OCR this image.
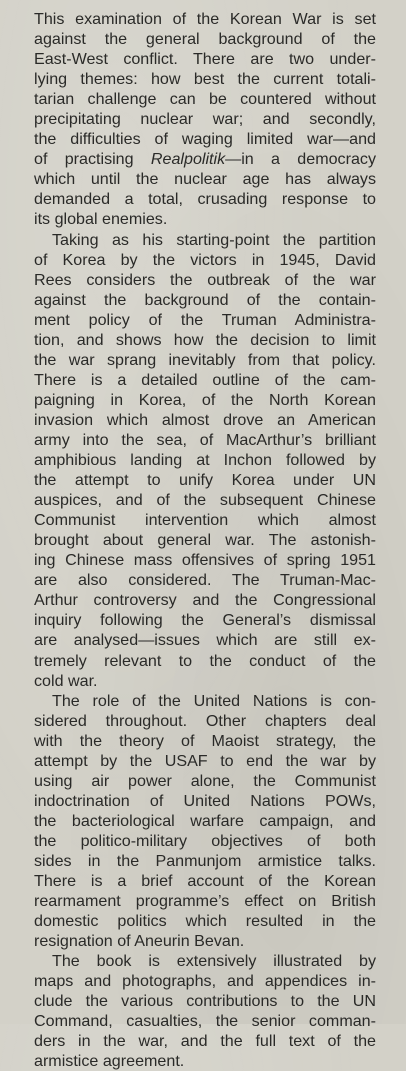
This examination of the Korean War is set
against the general background of the
East-West conflict. There are two under-
lying themes: how best the current totali-
tarian challenge can be countered without
precipitating nuclear war; and secondly,
the difficulties of waging limited war—and
of practising Realpolitik—in a democracy
which until the nuclear age has always
demanded a total, crusading response to
its global enemies.

Taking as his starting-point the partition
of Korea by the victors in 1945, David
Rees considers the outbreak of the war
against the background of the contain-
ment policy of the Truman Administra-
tion, and shows how the decision to limit
the war sprang inevitably from that policy.
There is a detailed outline of the cam-
paigning in Korea, of the North Korean
invasion which almost drove an American
army into the sea, of MacArthur’s brilliant
amphibious landing at Inchon followed by
the attempt to unify Korea under UN
auspices, and of the subsequent Chinese
Communist intervention which almost
brought about general war. The astonish-
ing Chinese mass offensives of spring 1951
are also considered. The Truman-Mac-
Arthur controversy and the Congressional
inquiry following the General’s dismissal
are analysed—issues which are still ex-
tremely relevant to the conduct of the
cold war.

The role of the United Nations is con-
sidered throughout. Other chapters deal
with the theory of Maoist strategy, the
attempt by the USAF to end the war by
using air power alone, the Communist
indoctrination of United Nations POWs,
the bacteriological warfare campaign, and
the politico-military objectives of both
sides in the Panmunjom armistice talks.
There is a brief account of the Korean
rearmament programme’s effect on British
domestic politics which resulted in the
resignation of Aneurin Bevan.

The book is extensively illustrated by
maps and photographs, and appendices in-
clude the various contributions to the UN
Command, casualties, the senior comman-
ders in the war, and the full text of the
armistice agreement.
